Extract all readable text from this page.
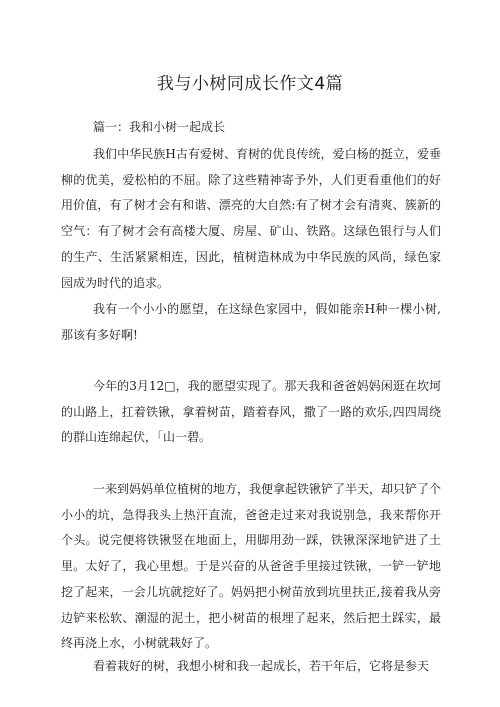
我与小树同成长作文4篇

篇一：我和小树一起成长

我们中华民族H古有爱树、育树的优良传统，爱白杨的挺立，爱垂柳的优美，爱松柏的不屈。除了这些精神寄予外，人们更看重他们的好用价值，有了树才会有和谐、漂亮的大自然:有了树才会有清爽、簇新的空气：有了树才会有高楼大厦、房屋、矿山、铁路。这绿色银行与人们的生产、生活紧紧相连，因此，植树造林成为中华民族的风尚，绿色家园成为时代的追求。

我有一个小小的愿望，在这绿色家园中，假如能亲H种一棵小树,那该有多好啊!

今年的3月12□，我的愿望实现了。那天我和爸爸妈妈闲逛在坎坷的山路上，扛着铁锹，拿着树苗，踏着春风，撒了一路的欢乐,四四周绕的群山连绵起伏，「山一碧。

一来到妈妈单位植树的地方，我便拿起铁锹铲了半天，却只铲了个小小的坑，急得我头上热汗直流，爸爸走过来对我说别急，我来帮你开个头。说完便将铁锹竖在地面上，用脚用劲一踩，铁锹深深地铲进了土里。太好了，我心里想。于是兴奋的从爸爸手里接过铁锹，一铲一铲地挖了起来，一会儿坑就挖好了。妈妈把小树苗放到坑里扶正,接着我从旁边铲来松软、潮湿的泥土，把小树苗的根埋了起来，然后把土踩实，最终再浇上水，小树就栽好了。

看着栽好的树，我想小树和我一起成长，若干年后，它将是参天
